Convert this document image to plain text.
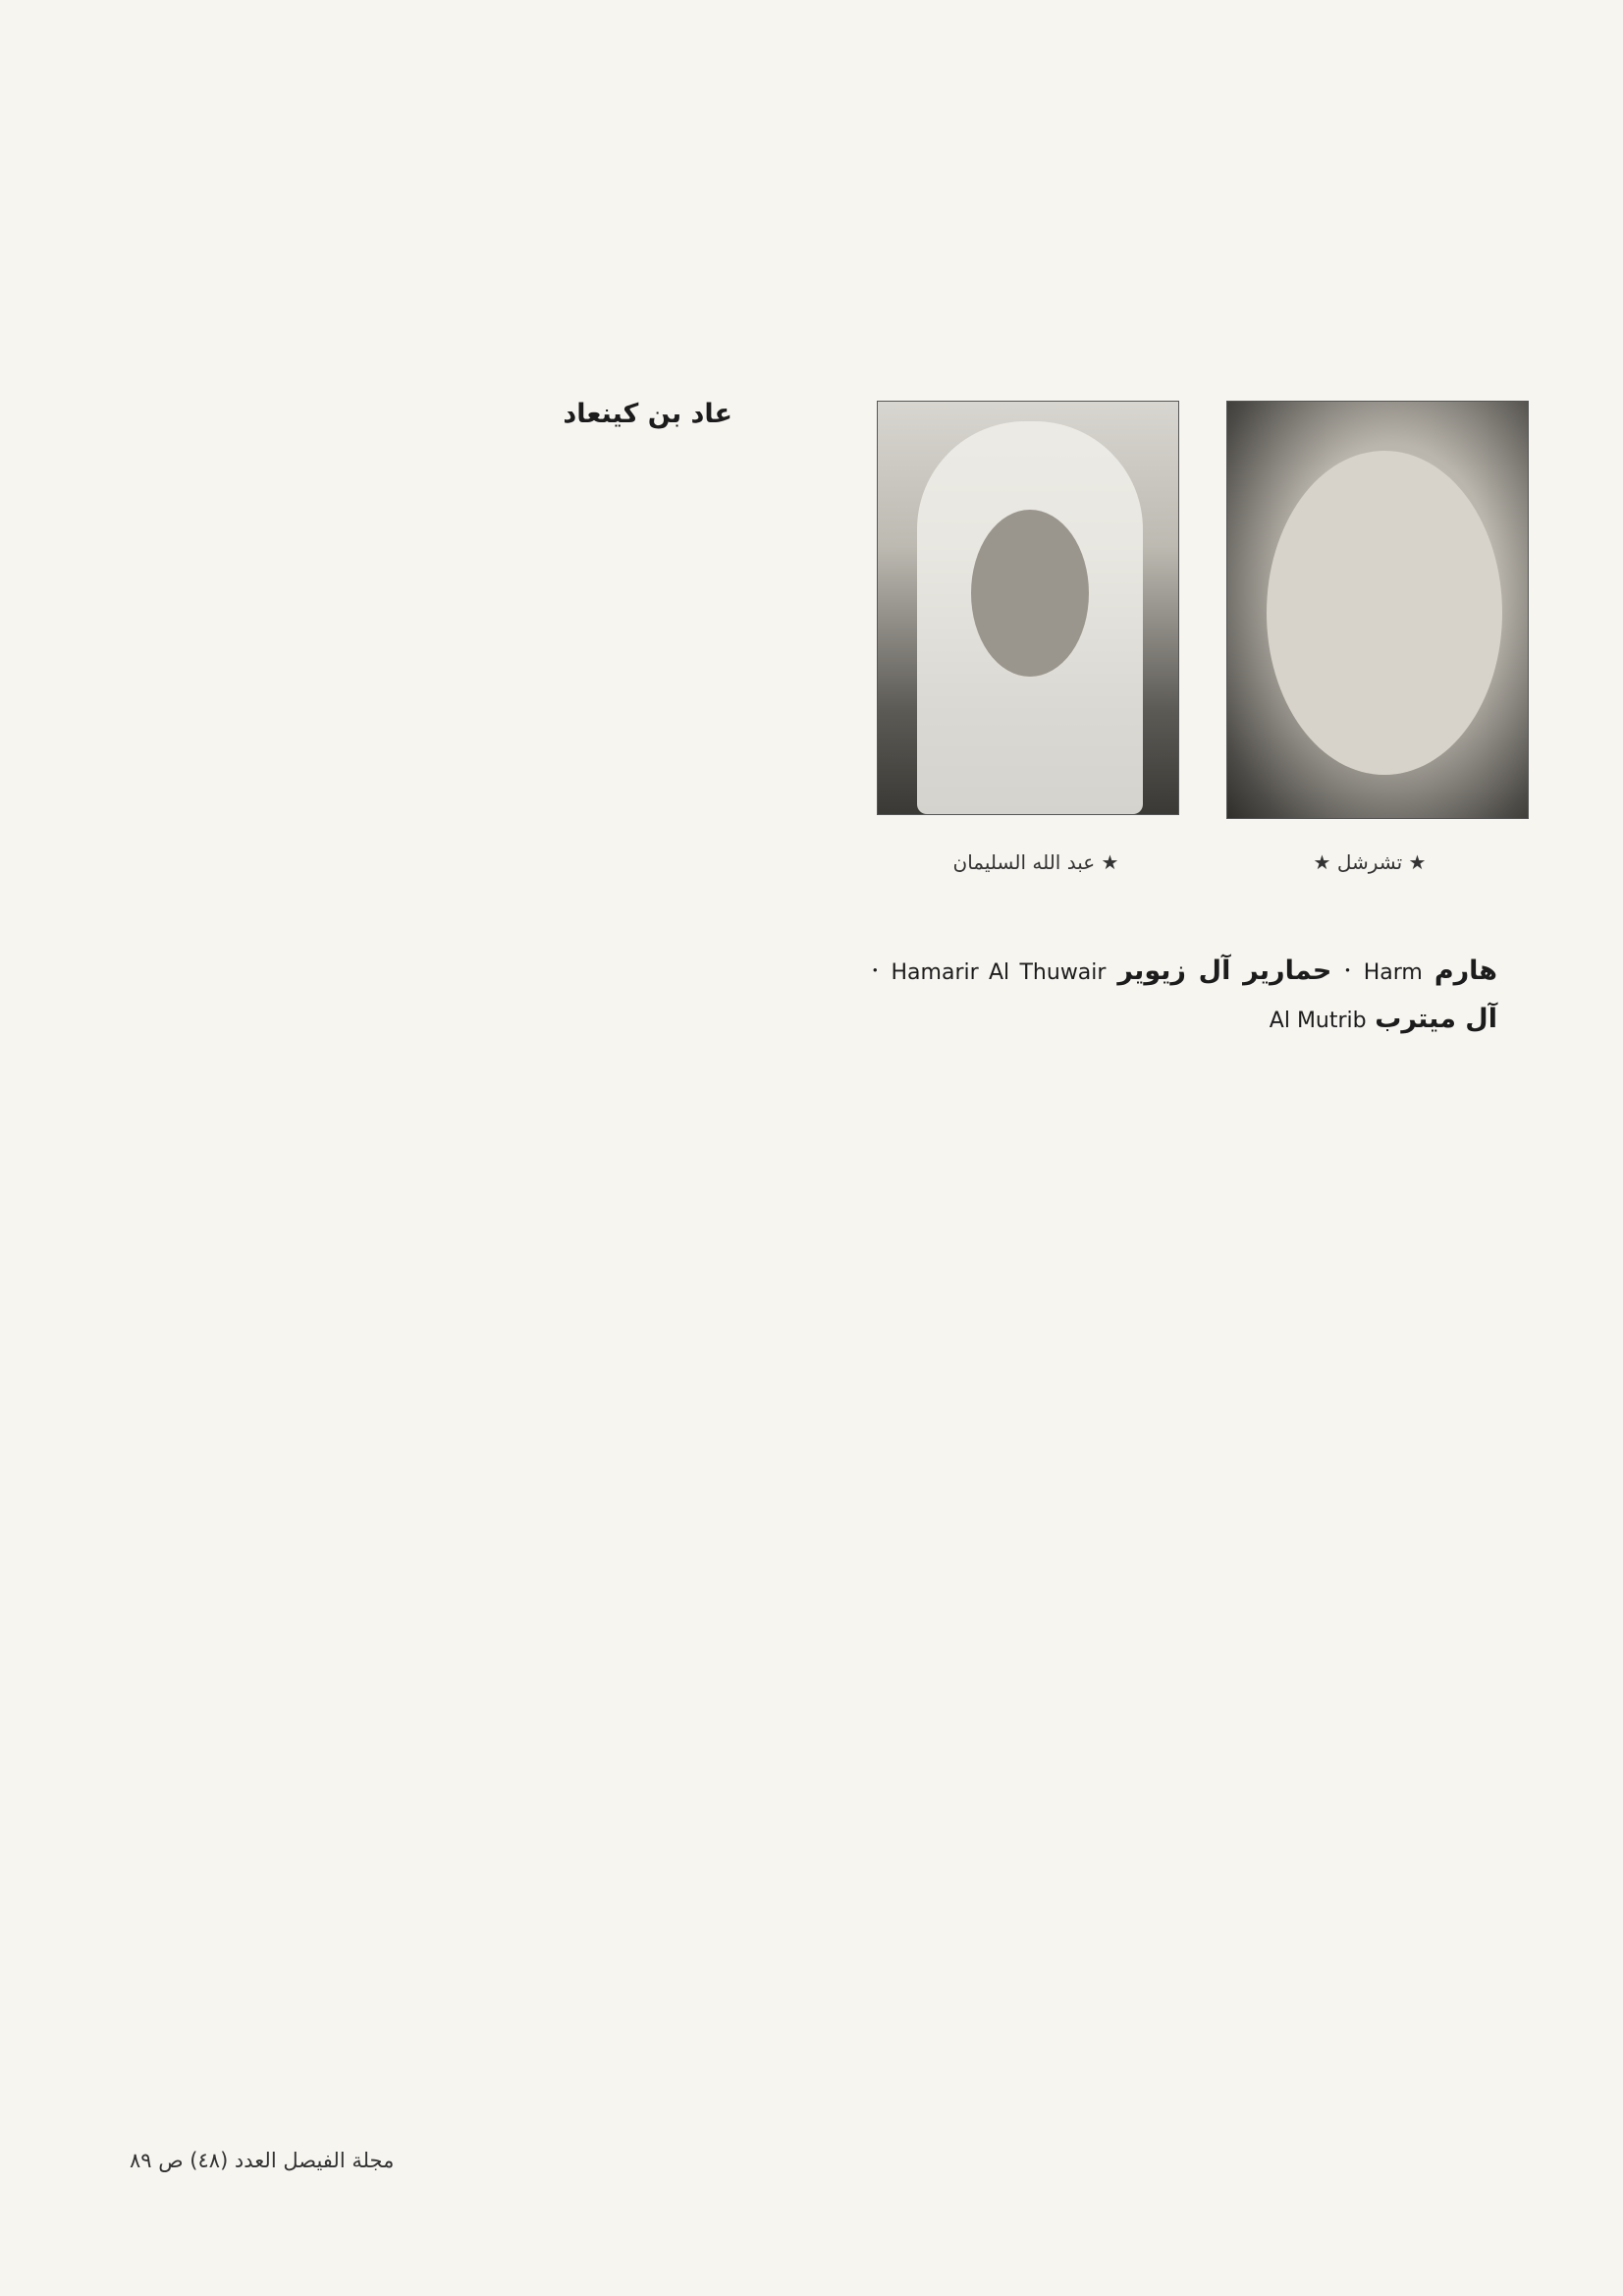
★ عبد الله السليمان	★ تشرشل ★

هارم Harm · حمارير آل زيوير Hamarir Al Thuwair · آل ميترب Al Mutrib

عاد بن كينعاد

مجلة الفيصل العدد (٤٨) ص ٨٩
